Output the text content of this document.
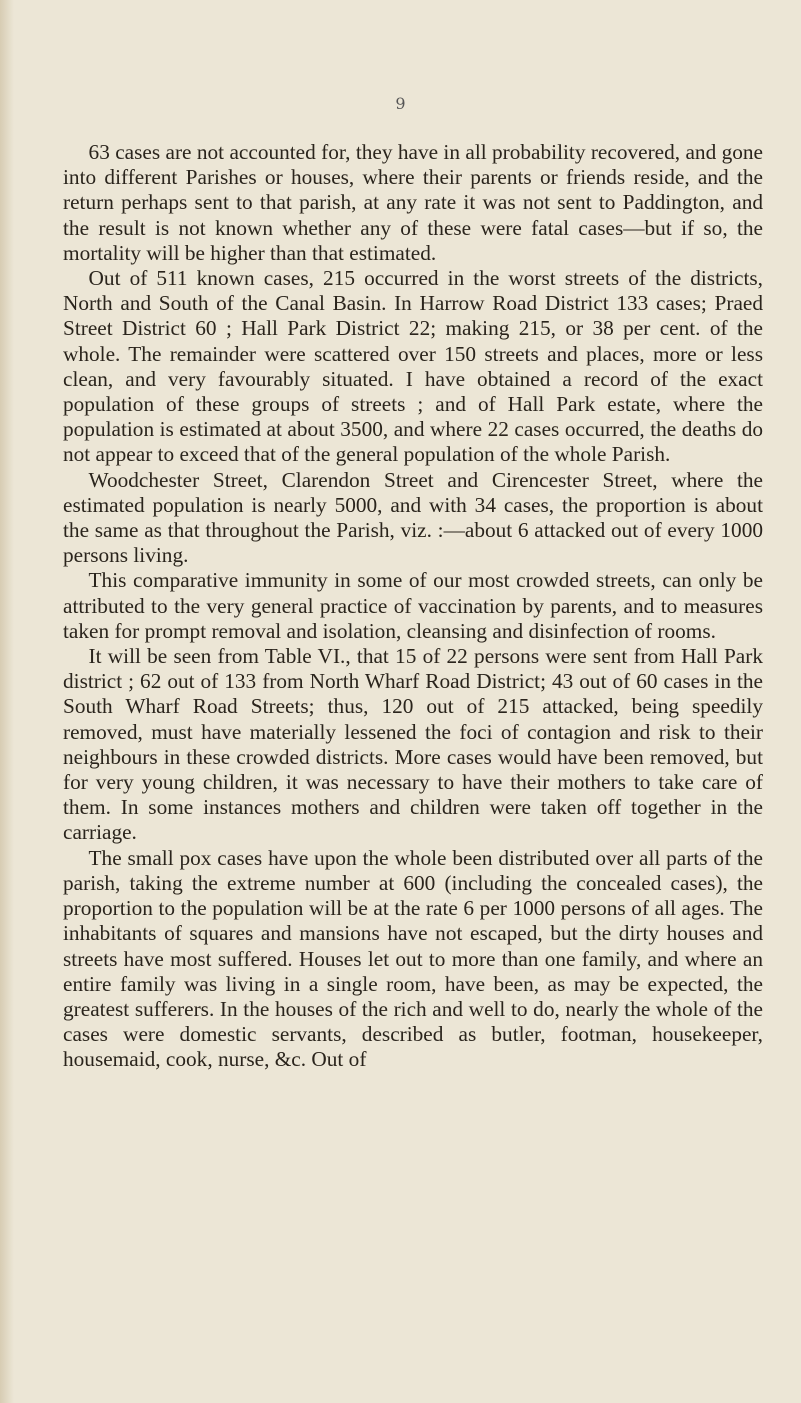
9

63 cases are not accounted for, they have in all probability recovered, and gone into different Parishes or houses, where their parents or friends reside, and the return perhaps sent to that parish, at any rate it was not sent to Paddington, and the result is not known whether any of these were fatal cases—but if so, the mortality will be higher than that estimated.

Out of 511 known cases, 215 occurred in the worst streets of the districts, North and South of the Canal Basin. In Harrow Road District 133 cases; Praed Street District 60 ; Hall Park District 22; making 215, or 38 per cent. of the whole. The remainder were scattered over 150 streets and places, more or less clean, and very favourably situated. I have obtained a record of the exact population of these groups of streets ; and of Hall Park estate, where the population is estimated at about 3500, and where 22 cases occurred, the deaths do not appear to exceed that of the general population of the whole Parish.

Woodchester Street, Clarendon Street and Cirencester Street, where the estimated population is nearly 5000, and with 34 cases, the proportion is about the same as that throughout the Parish, viz. :—about 6 attacked out of every 1000 persons living.

This comparative immunity in some of our most crowded streets, can only be attributed to the very general practice of vaccination by parents, and to measures taken for prompt removal and isolation, cleansing and disinfection of rooms.

It will be seen from Table VI., that 15 of 22 persons were sent from Hall Park district ; 62 out of 133 from North Wharf Road District; 43 out of 60 cases in the South Wharf Road Streets; thus, 120 out of 215 attacked, being speedily removed, must have materially lessened the foci of contagion and risk to their neighbours in these crowded districts. More cases would have been removed, but for very young children, it was necessary to have their mothers to take care of them. In some instances mothers and children were taken off together in the carriage.

The small pox cases have upon the whole been distributed over all parts of the parish, taking the extreme number at 600 (including the concealed cases), the proportion to the population will be at the rate 6 per 1000 persons of all ages. The inhabitants of squares and mansions have not escaped, but the dirty houses and streets have most suffered. Houses let out to more than one family, and where an entire family was living in a single room, have been, as may be expected, the greatest sufferers. In the houses of the rich and well to do, nearly the whole of the cases were domestic servants, described as butler, footman, housekeeper, housemaid, cook, nurse, &c. Out of
